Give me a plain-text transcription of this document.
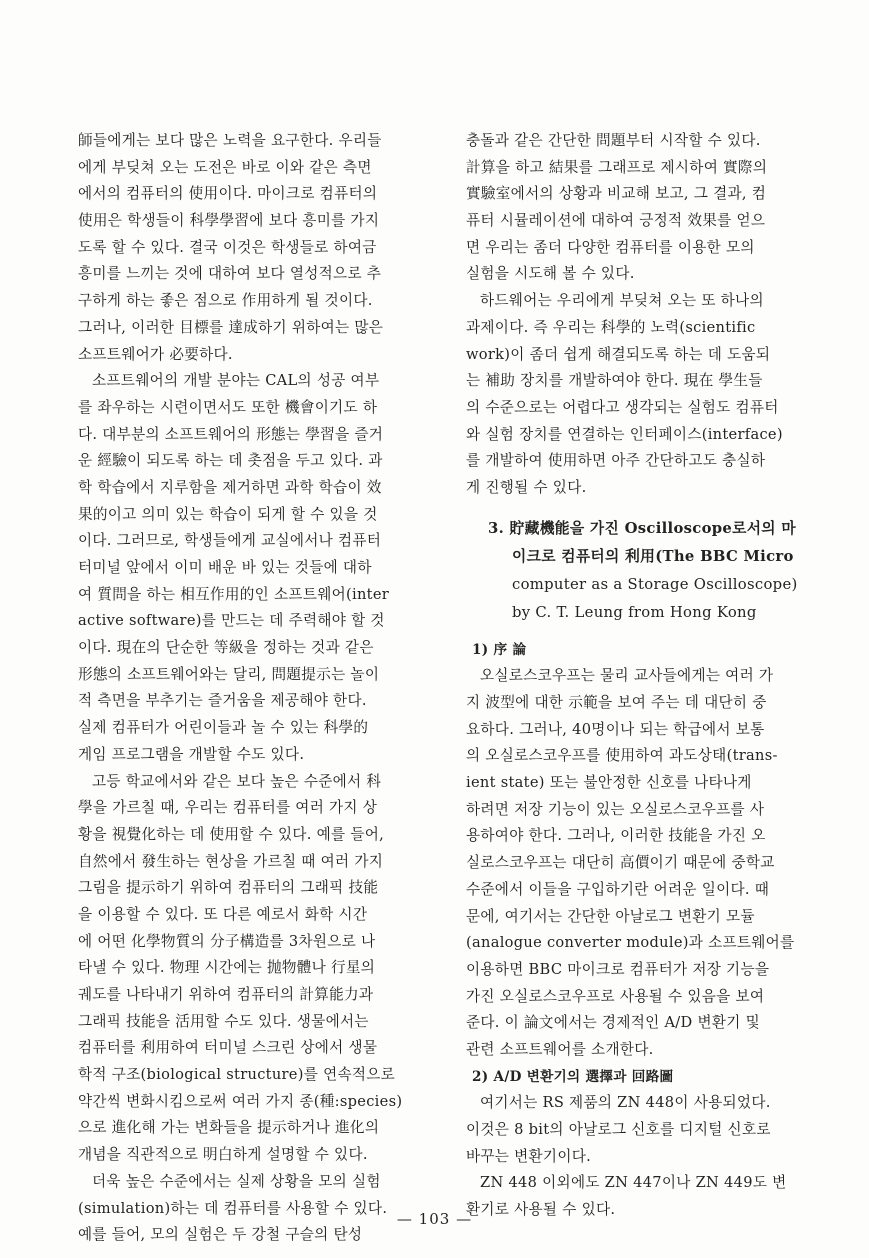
師들에게는 보다 많은 노력을 요구한다. 우리들
에게 부딪쳐 오는 도전은 바로 이와 같은 측면
에서의 컴퓨터의 使用이다. 마이크로 컴퓨터의
使用은 학생들이 科學學習에 보다 흥미를 가지
도록 할 수 있다. 결국 이것은 학생들로 하여금
흥미를 느끼는 것에 대하여 보다 열성적으로 추
구하게 하는 좋은 점으로 作用하게 될 것이다.
그러나, 이러한 目標를 達成하기 위하여는 많은
소프트웨어가 必要하다.
소프트웨어의 개발 분야는 CAL의 성공 여부
를 좌우하는 시련이면서도 또한 機會이기도 하
다. 대부분의 소프트웨어의 形態는 學習을 즐거
운 經驗이 되도록 하는 데 촛점을 두고 있다. 과
학 학습에서 지루함을 제거하면 과학 학습이 效
果的이고 의미 있는 학습이 되게 할 수 있을 것
이다. 그러므로, 학생들에게 교실에서나 컴퓨터
터미널 앞에서 이미 배운 바 있는 것들에 대하
여 質問을 하는 相互作用的인 소프트웨어(inter
active software)를 만드는 데 주력해야 할 것
이다. 現在의 단순한 等級을 정하는 것과 같은
形態의 소프트웨어와는 달리, 問題提示는 놀이
적 측면을 부추기는 즐거움을 제공해야 한다.
실제 컴퓨터가 어린이들과 놀 수 있는 科學的
게임 프로그램을 개발할 수도 있다.
고등 학교에서와 같은 보다 높은 수준에서 科
學을 가르칠 때, 우리는 컴퓨터를 여러 가지 상
황을 視覺化하는 데 使用할 수 있다. 예를 들어,
自然에서 發生하는 현상을 가르칠 때 여러 가지
그림을 提示하기 위하여 컴퓨터의 그래픽 技能
을 이용할 수 있다. 또 다른 예로서 화학 시간
에 어떤 化學物質의 分子構造를 3차원으로 나
타낼 수 있다. 物理 시간에는 抛物體나 行星의
궤도를 나타내기 위하여 컴퓨터의 計算能力과
그래픽 技能을 活用할 수도 있다. 생물에서는
컴퓨터를 利用하여 터미널 스크린 상에서 생물
학적 구조(biological structure)를 연속적으로
약간씩 변화시킴으로써 여러 가지 종(種:species)
으로 進化해 가는 변화들을 提示하거나 進化의
개념을 직관적으로 明白하게 설명할 수 있다.
더욱 높은 수준에서는 실제 상황을 모의 실험
(simulation)하는 데 컴퓨터를 사용할 수 있다.
예를 들어, 모의 실험은 두 강철 구슬의 탄성
충돌과 같은 간단한 問題부터 시작할 수 있다.
計算을 하고 結果를 그래프로 제시하여 實際의
實驗室에서의 상황과 비교해 보고, 그 결과, 컴
퓨터 시뮬레이션에 대하여 긍정적 效果를 얻으
면 우리는 좀더 다양한 컴퓨터를 이용한 모의
실험을 시도해 볼 수 있다.
하드웨어는 우리에게 부딪쳐 오는 또 하나의
과제이다. 즉 우리는 科學的 노력(scientific
work)이 좀더 쉽게 해결되도록 하는 데 도움되
는 補助 장치를 개발하여야 한다. 現在 學生들
의 수준으로는 어렵다고 생각되는 실험도 컴퓨터
와 실험 장치를 연결하는 인터페이스(interface)
를 개발하여 使用하면 아주 간단하고도 충실하
게 진행될 수 있다.
3. 貯藏機能을 가진 Oscilloscope로서의 마
이크로 컴퓨터의 利用(The BBC Micro
computer as a Storage Oscilloscope)
by C. T. Leung from Hong Kong
1) 序 論
오실로스코우프는 물리 교사들에게는 여러 가
지 波型에 대한 示範을 보여 주는 데 대단히 중
요하다. 그러나, 40명이나 되는 학급에서 보통
의 오실로스코우프를 使用하여 과도상태(trans-
ient state) 또는 불안정한 신호를 나타나게
하려면 저장 기능이 있는 오실로스코우프를 사
용하여야 한다. 그러나, 이러한 技能을 가진 오
실로스코우프는 대단히 高價이기 때문에 중학교
수준에서 이들을 구입하기란 어려운 일이다. 때
문에, 여기서는 간단한 아날로그 변환기 모듈
(analogue converter module)과 소프트웨어를
이용하면 BBC 마이크로 컴퓨터가 저장 기능을
가진 오실로스코우프로 사용될 수 있음을 보여
준다. 이 論文에서는 경제적인 A/D 변환기 및
관련 소프트웨어를 소개한다.
2) A/D 변환기의 選擇과 回路圖
여기서는 RS 제품의 ZN 448이 사용되었다.
이것은 8 bit의 아날로그 신호를 디지털 신호로
바꾸는 변환기이다.
ZN 448 이외에도 ZN 447이나 ZN 449도 변
환기로 사용될 수 있다.
— 103 —
